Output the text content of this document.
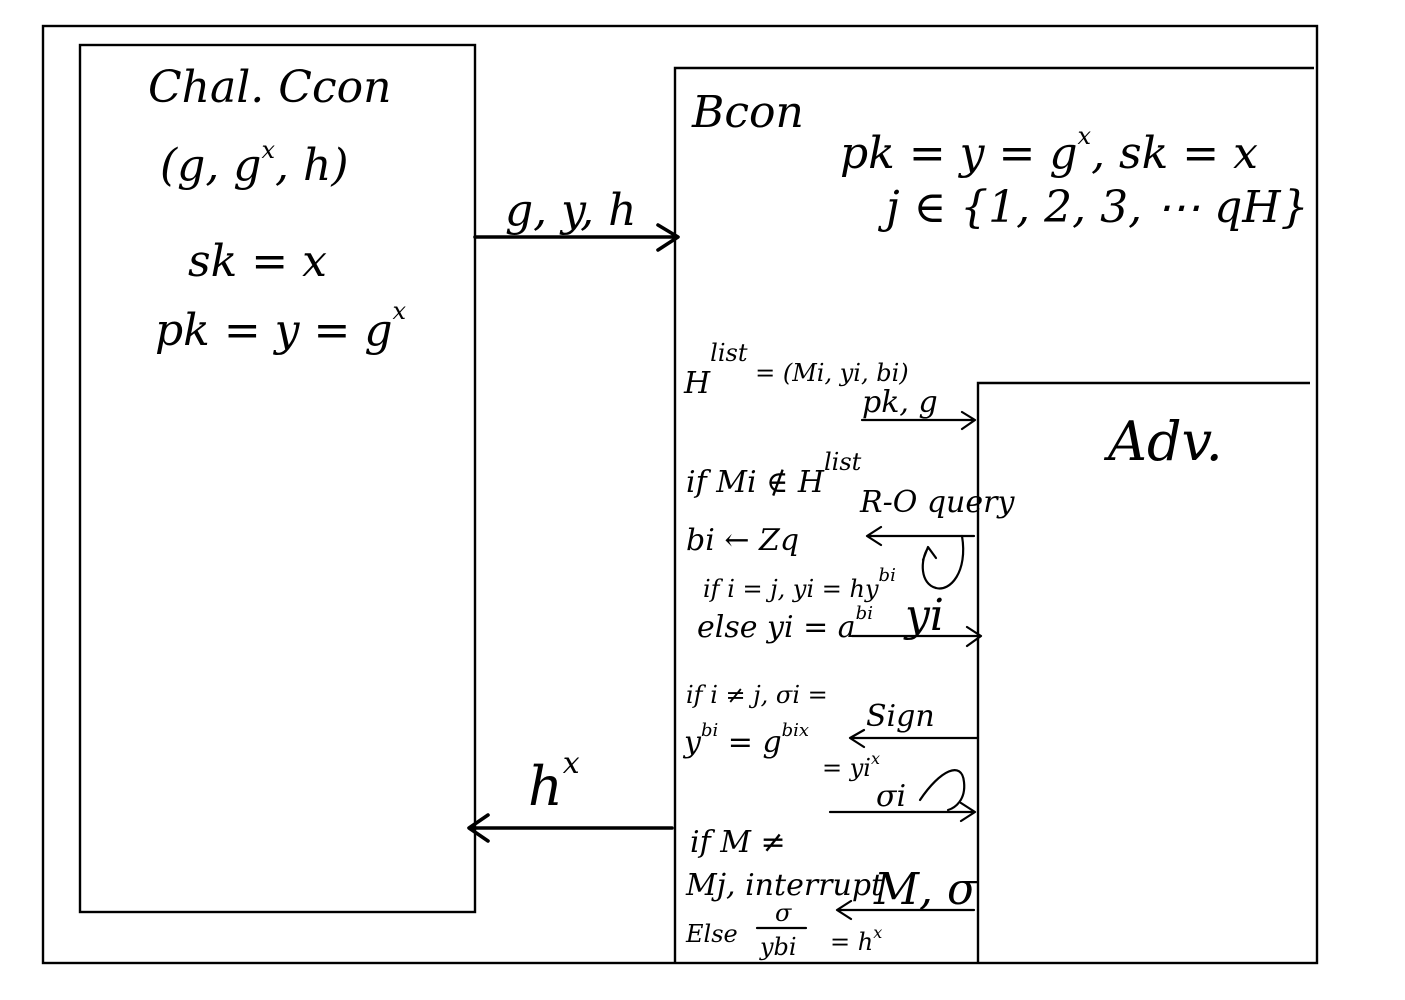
Chal. Ccon
(g, $g^x$, h)
sk = x
pk = $y = g^x$
g, y, h
$h^x$
Bcon
pk = $y = g^x$, sk = x
j ∈ {1, 2, 3, ⋯ qH}
$H^{list}$ $_{= (Mi, yi, bi)}$
if Mi ∉ $H^{list}$
bi ← Zq
if i = j, yi = $hy^{bi}$
else yi = $a^{bi}$
if i ≠ j, σi =
$y^{bi} = g^{bix}$
= $yi^x$
if M ≠
Mj, interrupt
Else
σ
ybi = $h^x$
pk, g
R-O query
yi
Sign
σi
M, σ
Adv.
